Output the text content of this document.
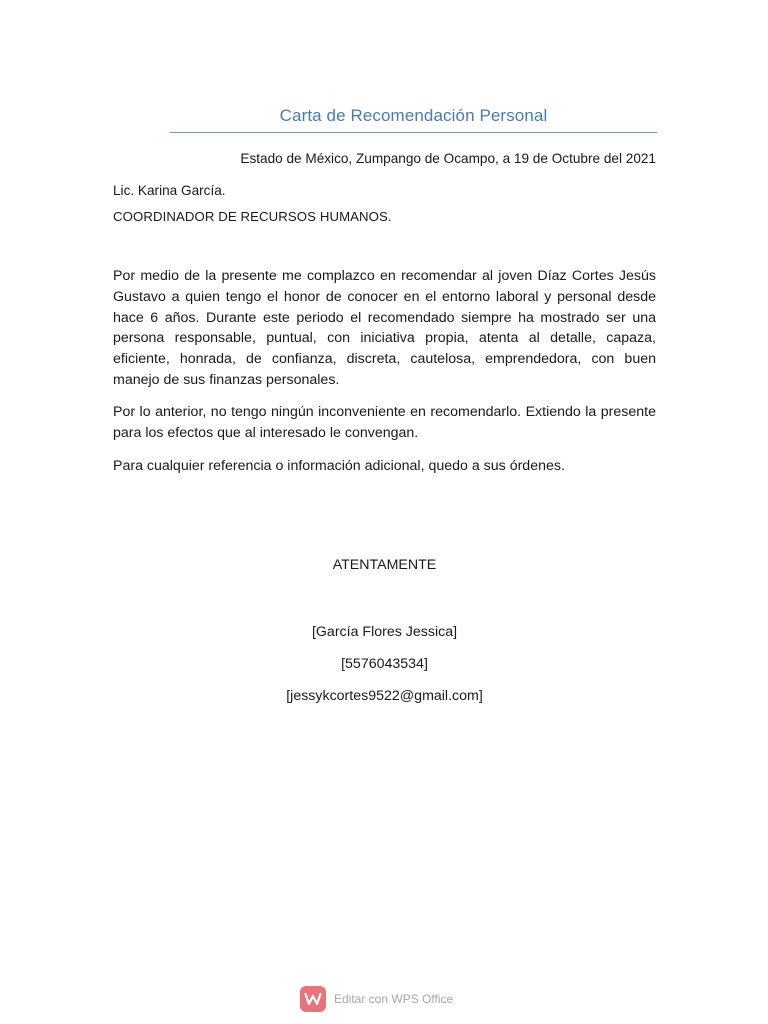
Carta de Recomendación Personal
Estado de México, Zumpango de Ocampo, a 19 de Octubre del 2021
Lic. Karina García.
COORDINADOR DE RECURSOS HUMANOS.

Por medio de la presente me complazco en recomendar al joven Díaz Cortes Jesús Gustavo a quien tengo el honor de conocer en el entorno laboral y personal desde hace 6 años. Durante este periodo el recomendado siempre ha mostrado ser una persona responsable, puntual, con iniciativa propia, atenta al detalle, capaza, eficiente, honrada, de confianza, discreta, cautelosa, emprendedora, con buen manejo de sus finanzas personales.

Por lo anterior, no tengo ningún inconveniente en recomendarlo. Extiendo la presente para los efectos que al interesado le convengan.

Para cualquier referencia o información adicional, quedo a sus órdenes.

ATENTAMENTE
[García Flores Jessica]
[5576043534]
[jessykcortes9522@gmail.com]
Editar con WPS Office
